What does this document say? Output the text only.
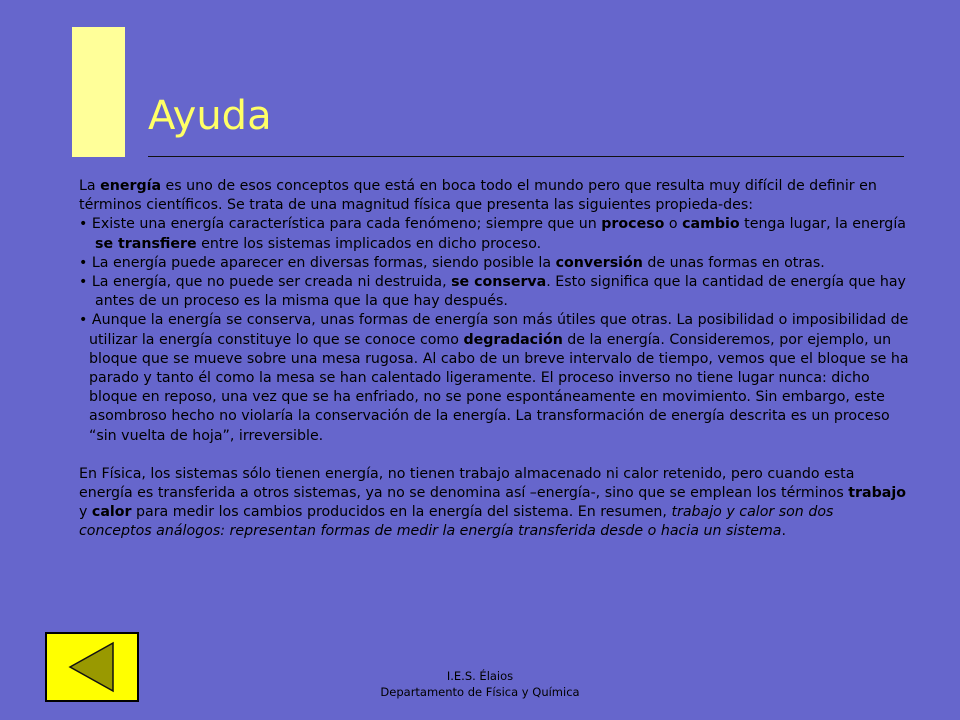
Ayuda

La energía es uno de esos conceptos que está en boca todo el mundo pero que resulta muy difícil de definir en términos científicos. Se trata de una magnitud física que presenta las siguientes propieda-des:

• Existe una energía característica para cada fenómeno; siempre que un proceso o cambio tenga lugar, la energía se transfiere entre los sistemas implicados en dicho proceso.

• La energía puede aparecer en diversas formas, siendo posible la conversión de unas formas en otras.

• La energía, que no puede ser creada ni destruida, se conserva. Esto significa que la cantidad de energía que hay antes de un proceso es la misma que la que hay después.

• Aunque la energía se conserva, unas formas de energía son más útiles que otras. La posibilidad o imposibilidad de utilizar la energía constituye lo que se conoce como degradación de la energía. Consideremos, por ejemplo, un bloque que se mueve sobre una mesa rugosa. Al cabo de un breve intervalo de tiempo, vemos que el bloque se ha parado y tanto él como la mesa se han calentado ligeramente. El proceso inverso no tiene lugar nunca: dicho bloque en reposo, una vez que se ha enfriado, no se pone espontáneamente en movimiento. Sin embargo, este asombroso hecho no violaría la conservación de la energía. La transformación de energía descrita es un proceso “sin vuelta de hoja”, irreversible.

En Física, los sistemas sólo tienen energía, no tienen trabajo almacenado ni calor retenido, pero cuando esta energía es transferida a otros sistemas, ya no se denomina así –energía-, sino que se emplean los términos trabajo y calor para medir los cambios producidos en la energía del sistema. En resumen, trabajo y calor son dos conceptos análogos: representan formas de medir la energía transferida desde o hacia un sistema.

I.E.S. Élaios
Departamento de Física y Química
